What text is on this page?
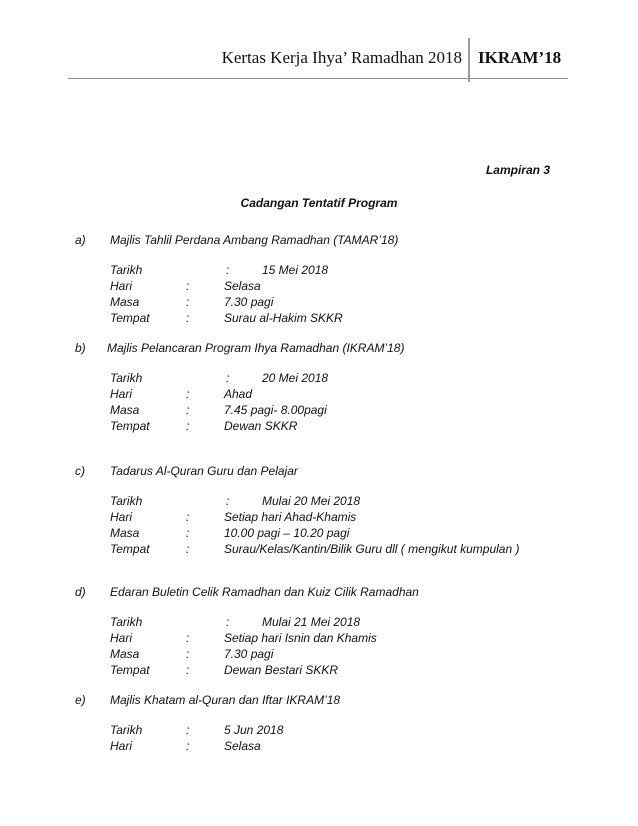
Kertas Kerja Ihya’ Ramadhan 2018 IKRAM’18
Lampiran 3
Cadangan Tentatif Program
a) Majlis Tahlil Perdana Ambang Ramadhan (TAMAR’18)
Tarikh	:	15 Mei 2018
Hari	:	Selasa
Masa	:	7.30 pagi
Tempat	:	Surau al-Hakim SKKR
b) Majlis Pelancaran Program Ihya Ramadhan (IKRAM’18)
Tarikh	:	20 Mei 2018
Hari	:	Ahad
Masa	:	7.45 pagi- 8.00pagi
Tempat	:	Dewan SKKR
c) Tadarus Al-Quran Guru dan Pelajar
Tarikh	:	Mulai 20 Mei 2018
Hari	:	Setiap hari Ahad-Khamis
Masa	:	10.00 pagi – 10.20 pagi
Tempat	:	Surau/Kelas/Kantin/Bilik Guru dll ( mengikut kumpulan )
d) Edaran Buletin Celik Ramadhan dan Kuiz Cilik Ramadhan
Tarikh	:	Mulai 21 Mei 2018
Hari	:	Setiap hari Isnin dan Khamis
Masa	:	7.30 pagi
Tempat	:	Dewan Bestari SKKR
e) Majlis Khatam al-Quran dan Iftar IKRAM’18
Tarikh	:	5 Jun 2018
Hari	:	Selasa
